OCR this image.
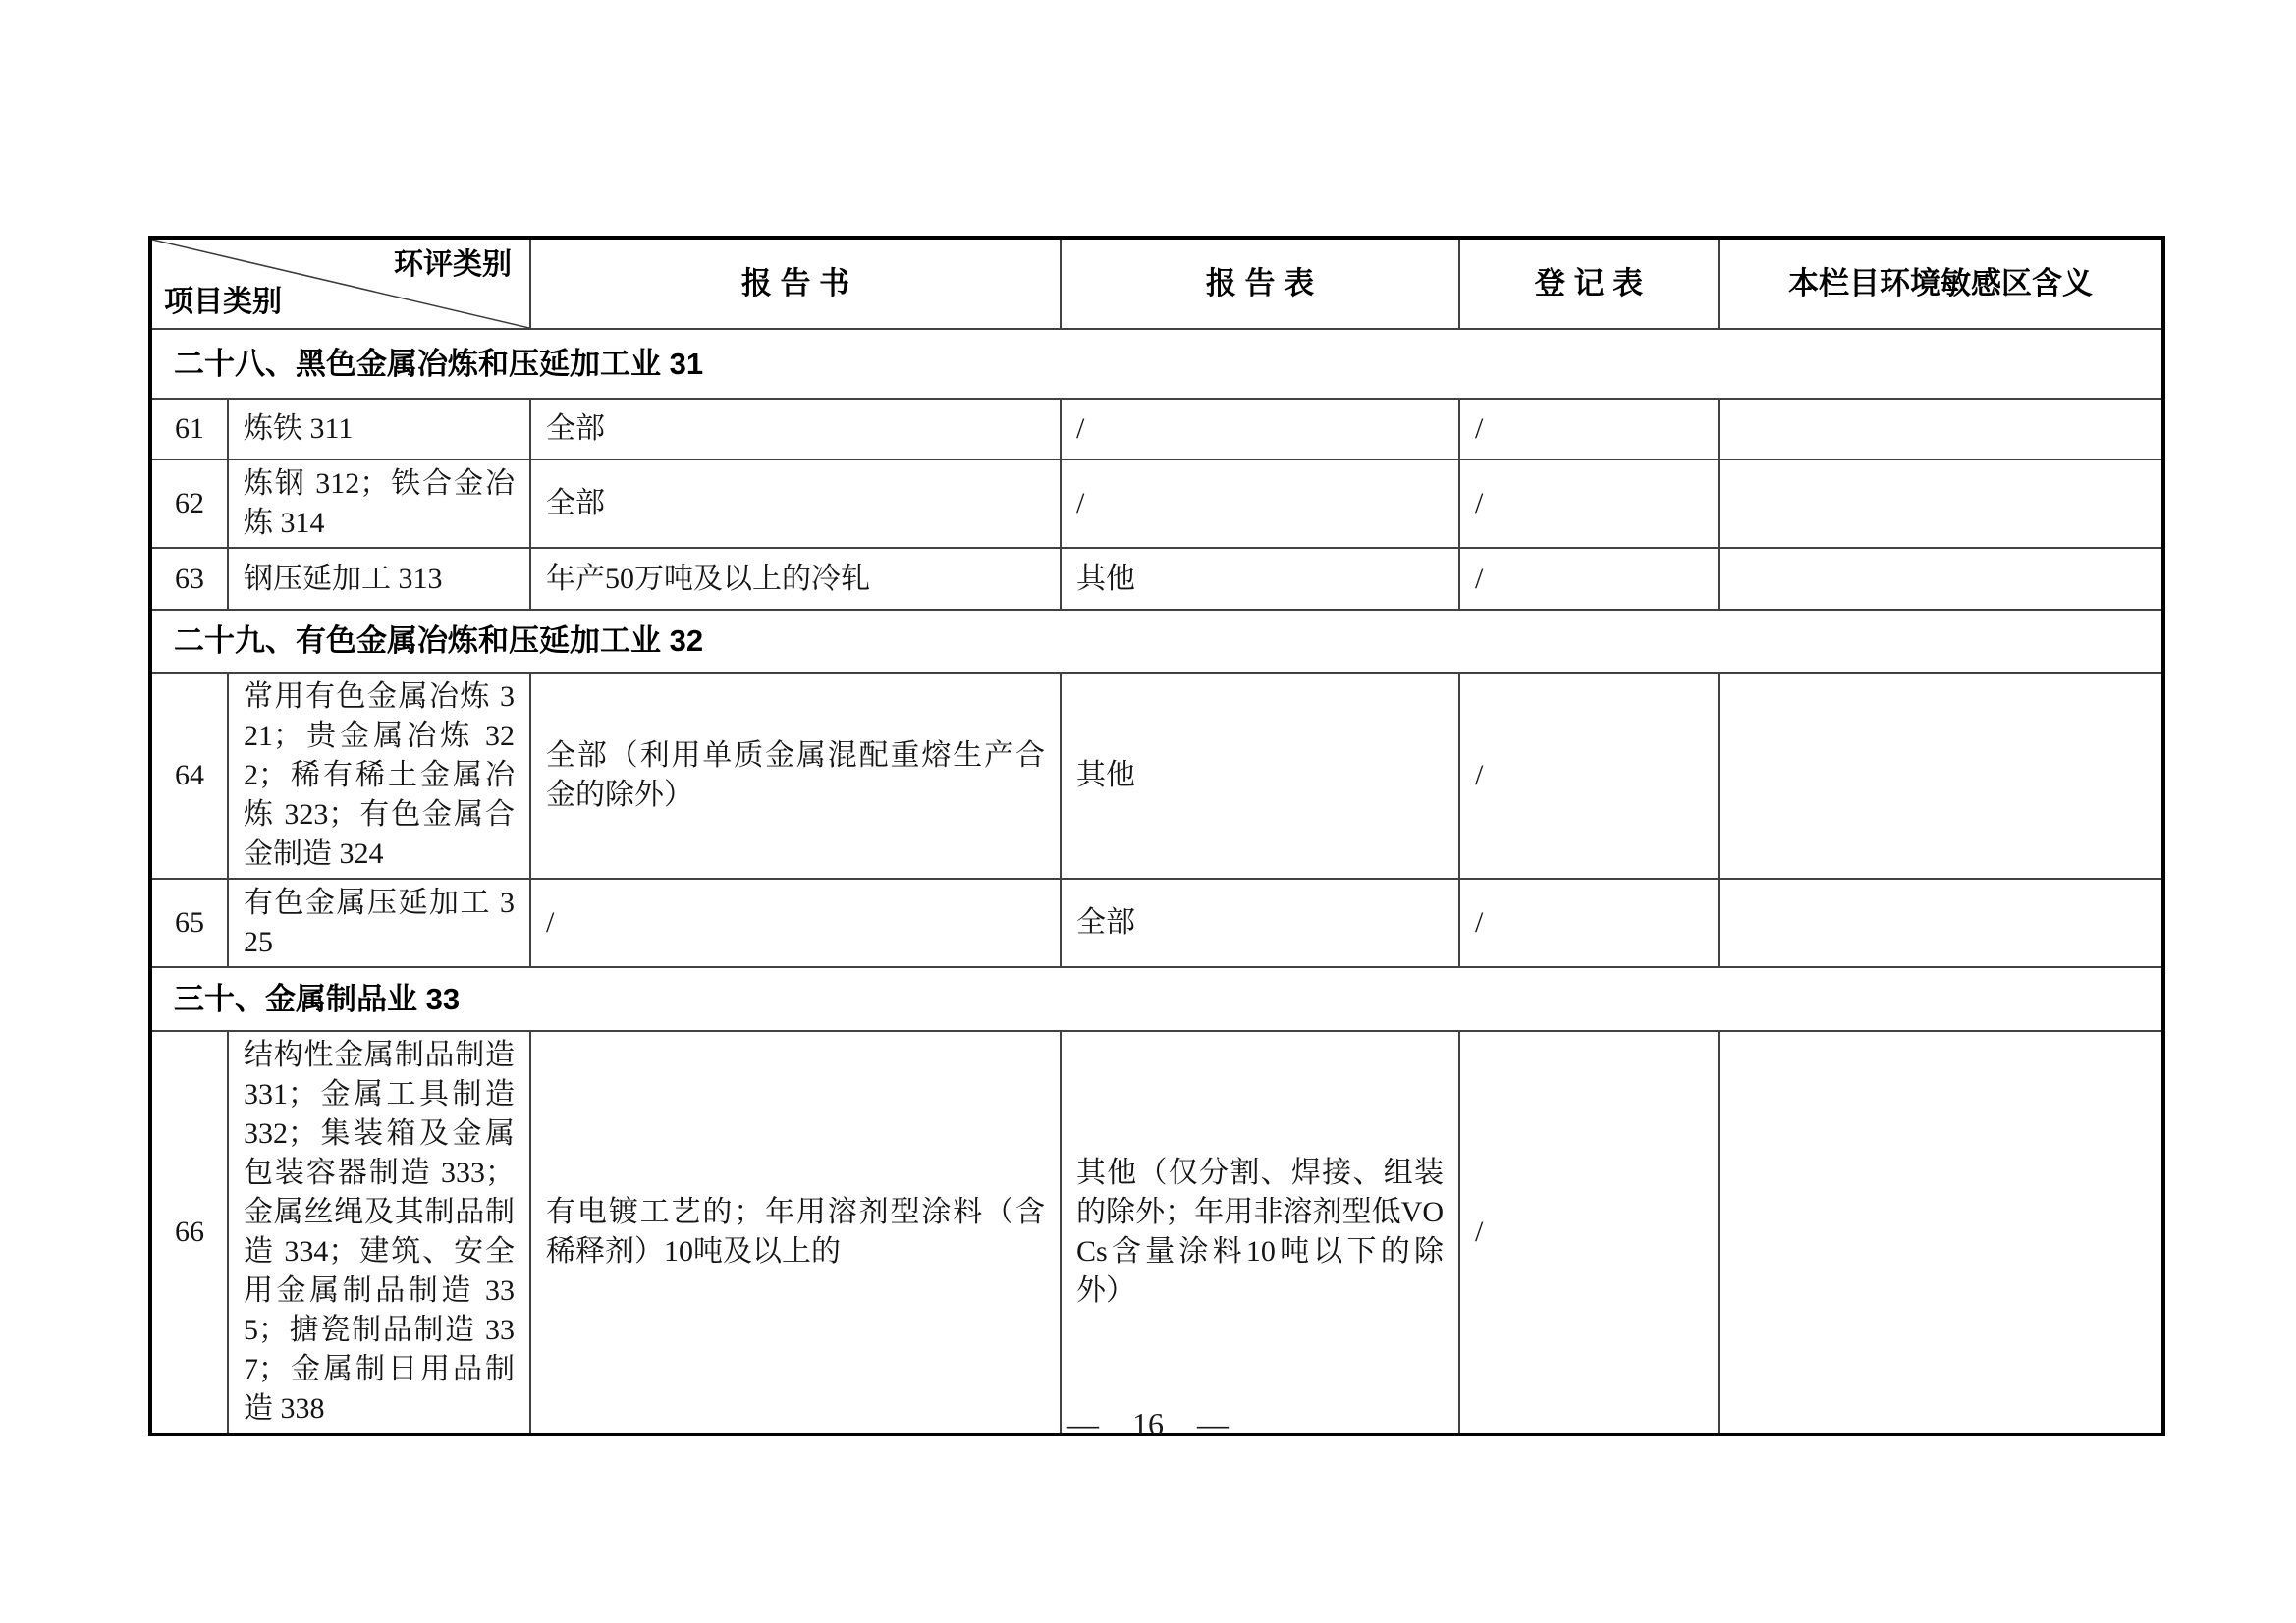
环评类别
项目类别		报 告 书	报 告 表	登 记 表	本栏目环境敏感区含义
二十八、黑色金属冶炼和压延加工业 31					
61	炼铁 311	全部	/	/	
62	炼钢 312；铁合金冶炼 314	全部	/	/	
63	钢压延加工 313	年产50万吨及以上的冷轧	其他	/	
二十九、有色金属冶炼和压延加工业 32					
64	常用有色金属冶炼 321；贵金属冶炼 322；稀有稀土金属冶炼 323；有色金属合金制造 324	全部（利用单质金属混配重熔生产合金的除外）	其他	/	
65	有色金属压延加工 325	/	全部	/	
三十、金属制品业 33					
66	结构性金属制品制造 331；金属工具制造 332；集装箱及金属包装容器制造 333；金属丝绳及其制品制造 334；建筑、安全用金属制品制造 335；搪瓷制品制造 337；金属制日用品制造 338	有电镀工艺的；年用溶剂型涂料（含稀释剂）10吨及以上的	其他（仅分割、焊接、组装的除外；年用非溶剂型低VOCs含量涂料10吨以下的除外）	/	
— 16 —
